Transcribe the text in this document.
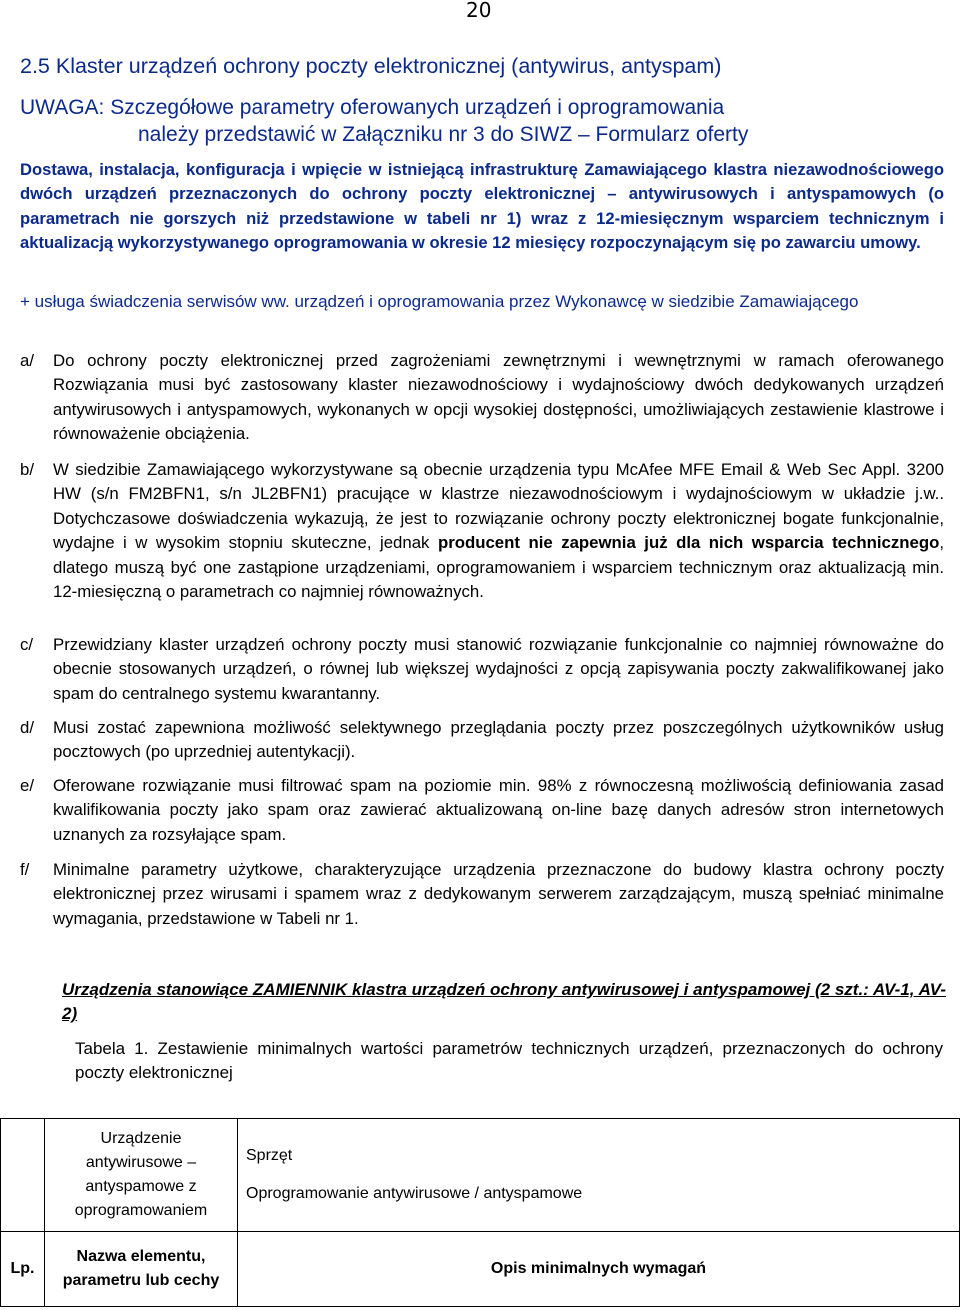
20
2.5 Klaster urządzeń ochrony poczty elektronicznej (antywirus, antyspam)
UWAGA: Szczegółowe parametry oferowanych urządzeń i oprogramowania
należy przedstawić w Załączniku nr 3 do SIWZ – Formularz oferty
Dostawa, instalacja, konfiguracja i wpięcie w istniejącą infrastrukturę Zamawiającego klastra niezawodnościowego dwóch urządzeń przeznaczonych do ochrony poczty elektronicznej – antywirusowych i antyspamowych (o parametrach nie gorszych niż przedstawione w tabeli nr 1) wraz z 12-miesięcznym wsparciem technicznym i aktualizacją wykorzystywanego oprogramowania w okresie 12 miesięcy rozpoczynającym się po zawarciu umowy.
+ usługa świadczenia serwisów ww. urządzeń i oprogramowania przez Wykonawcę w siedzibie Zamawiającego
a/	Do ochrony poczty elektronicznej przed zagrożeniami zewnętrznymi i wewnętrznymi w ramach oferowanego Rozwiązania musi być zastosowany klaster niezawodnościowy i wydajnościowy dwóch dedykowanych urządzeń antywirusowych i antyspamowych, wykonanych w opcji wysokiej dostępności, umożliwiających zestawienie klastrowe i równoważenie obciążenia.
b/	W siedzibie Zamawiającego wykorzystywane są obecnie urządzenia typu McAfee MFE Email & Web Sec Appl. 3200 HW (s/n FM2BFN1, s/n JL2BFN1) pracujące w klastrze niezawodnościowym i wydajnościowym w układzie j.w.. Dotychczasowe doświadczenia wykazują, że jest to rozwiązanie ochrony poczty elektronicznej bogate funkcjonalnie, wydajne i w wysokim stopniu skuteczne, jednak producent nie zapewnia już dla nich wsparcia technicznego, dlatego muszą być one zastąpione urządzeniami, oprogramowaniem i wsparciem technicznym oraz aktualizacją min. 12-miesięczną o parametrach co najmniej równoważnych.
c/	Przewidziany klaster urządzeń ochrony poczty musi stanowić rozwiązanie funkcjonalnie co najmniej równoważne do obecnie stosowanych urządzeń, o równej lub większej wydajności z opcją zapisywania poczty zakwalifikowanej jako spam do centralnego systemu kwarantanny.
d/	Musi zostać zapewniona możliwość selektywnego przeglądania poczty przez poszczególnych użytkowników usług pocztowych (po uprzedniej autentykacji).
e/	Oferowane rozwiązanie musi filtrować spam na poziomie min. 98% z równoczesną możliwością definiowania zasad kwalifikowania poczty jako spam oraz zawierać aktualizowaną on-line bazę danych adresów stron internetowych uznanych za rozsyłające spam.
f/	Minimalne parametry użytkowe, charakteryzujące urządzenia przeznaczone do budowy klastra ochrony poczty elektronicznej przez wirusami i spamem wraz z dedykowanym serwerem zarządzającym, muszą spełniać minimalne wymagania, przedstawione w Tabeli nr 1.
Urządzenia stanowiące ZAMIENNIK klastra urządzeń ochrony antywirusowej i antyspamowej (2 szt.: AV-1, AV-2)
Tabela 1. Zestawienie minimalnych wartości parametrów technicznych urządzeń, przeznaczonych do ochrony poczty elektronicznej
	Urządzenie antywirusowe – antyspamowe z oprogramowaniem	Sprzęt
Oprogramowanie antywirusowe / antyspamowe

Lp.	Nazwa elementu, parametru lub cechy	Opis minimalnych wymagań
